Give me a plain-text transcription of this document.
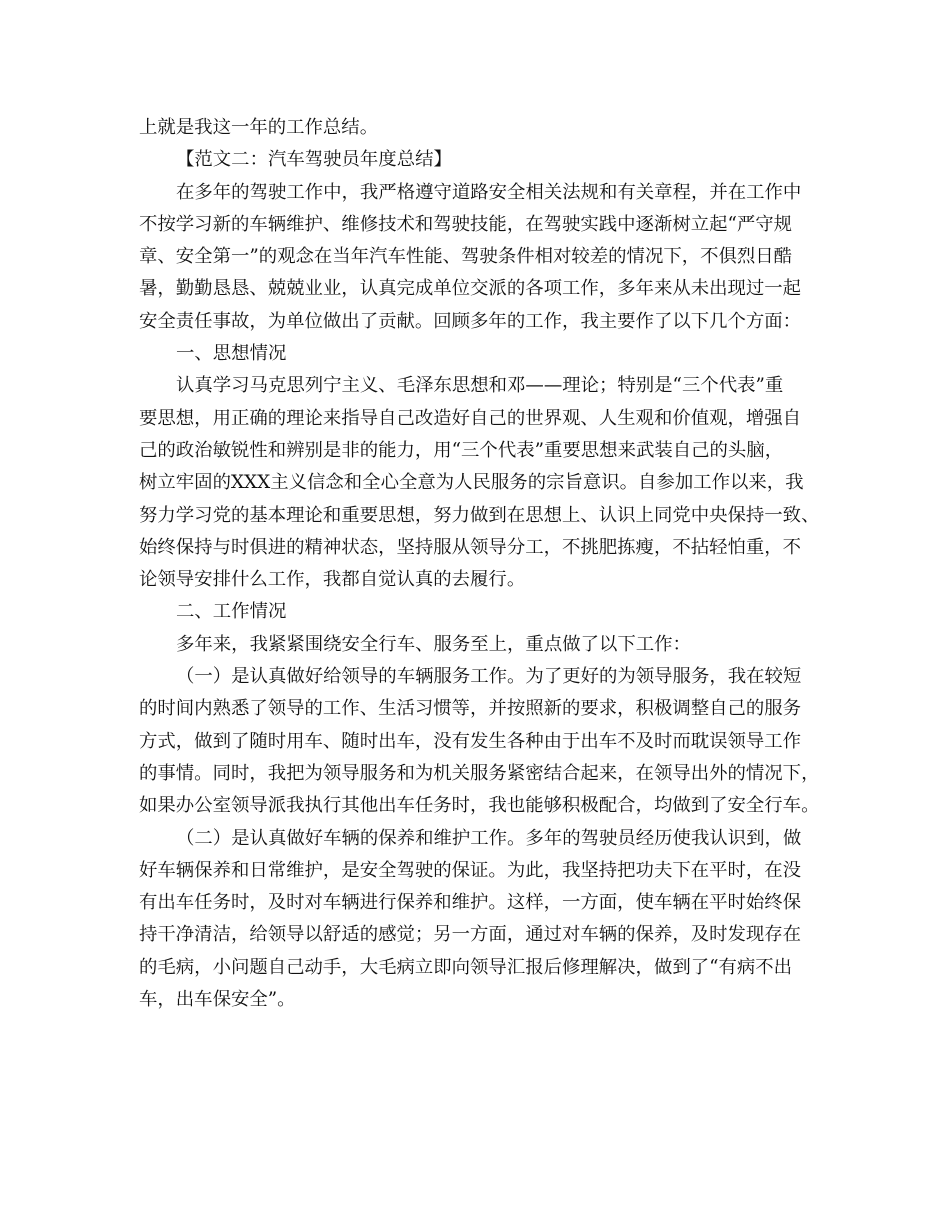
上就是我这一年的工作总结。
【范文二：汽车驾驶员年度总结】
在多年的驾驶工作中，我严格遵守道路安全相关法规和有关章程，并在工作中
不按学习新的车辆维护、维修技术和驾驶技能，在驾驶实践中逐渐树立起“严守规
章、安全第一”的观念在当年汽车性能、驾驶条件相对较差的情况下，不俱烈日酷
暑，勤勤恳恳、兢兢业业，认真完成单位交派的各项工作，多年来从未出现过一起
安全责任事故，为单位做出了贡献。回顾多年的工作，我主要作了以下几个方面：
一、思想情况
认真学习马克思列宁主义、毛泽东思想和邓——理论；特别是“三个代表”重
要思想，用正确的理论来指导自己改造好自己的世界观、人生观和价值观，增强自
己的政治敏锐性和辨别是非的能力，用“三个代表”重要思想来武装自己的头脑，
树立牢固的XXX主义信念和全心全意为人民服务的宗旨意识。自参加工作以来，我
努力学习党的基本理论和重要思想，努力做到在思想上、认识上同党中央保持一致、
始终保持与时俱进的精神状态，坚持服从领导分工，不挑肥拣瘦，不拈轻怕重，不
论领导安排什么工作，我都自觉认真的去履行。
二、工作情况
多年来，我紧紧围绕安全行车、服务至上，重点做了以下工作：
（一）是认真做好给领导的车辆服务工作。为了更好的为领导服务，我在较短
的时间内熟悉了领导的工作、生活习惯等，并按照新的要求，积极调整自己的服务
方式，做到了随时用车、随时出车，没有发生各种由于出车不及时而耽误领导工作
的事情。同时，我把为领导服务和为机关服务紧密结合起来，在领导出外的情况下，
如果办公室领导派我执行其他出车任务时，我也能够积极配合，均做到了安全行车。
（二）是认真做好车辆的保养和维护工作。多年的驾驶员经历使我认识到，做
好车辆保养和日常维护，是安全驾驶的保证。为此，我坚持把功夫下在平时，在没
有出车任务时，及时对车辆进行保养和维护。这样，一方面，使车辆在平时始终保
持干净清洁，给领导以舒适的感觉；另一方面，通过对车辆的保养，及时发现存在
的毛病，小问题自己动手，大毛病立即向领导汇报后修理解决，做到了“有病不出
车，出车保安全”。
